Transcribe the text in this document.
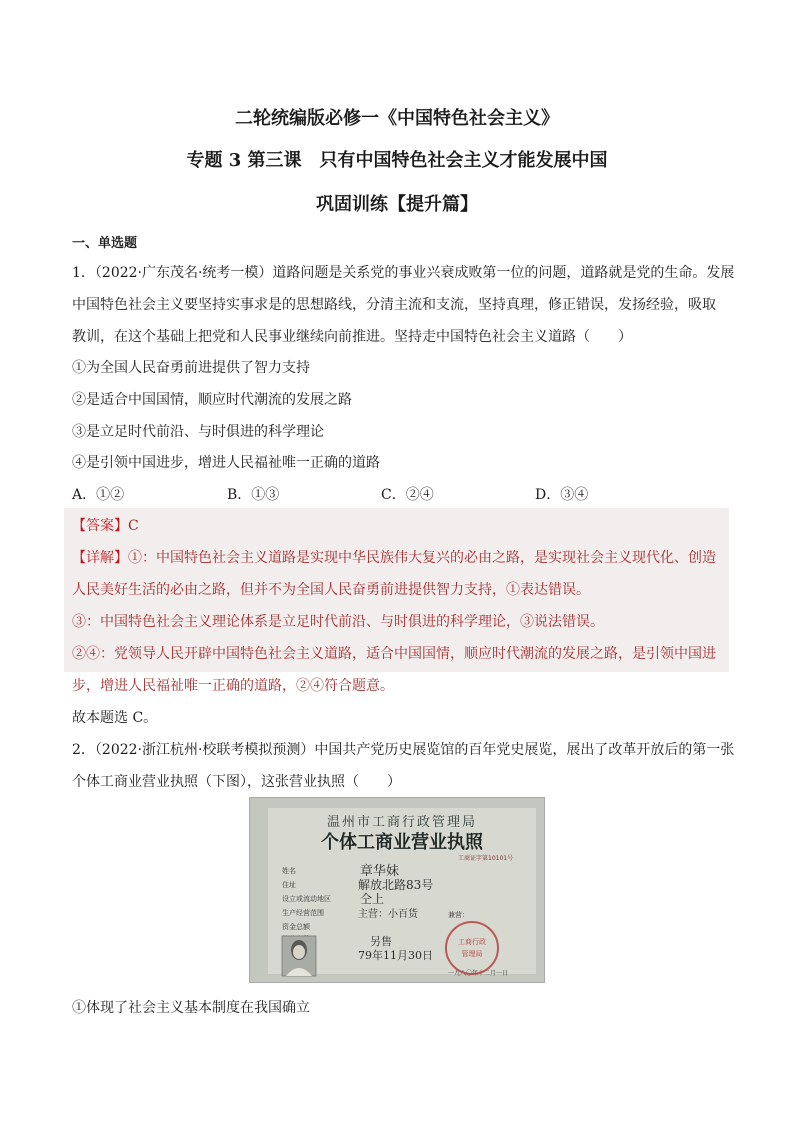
二轮统编版必修一《中国特色社会主义》
专题 3 第三课　只有中国特色社会主义才能发展中国
巩固训练【提升篇】
一、单选题
1．（2022·广东茂名·统考一模）道路问题是关系党的事业兴衰成败第一位的问题，道路就是党的生命。发展
中国特色社会主义要坚持实事求是的思想路线，分清主流和支流，坚持真理，修正错误，发扬经验，吸取
教训，在这个基础上把党和人民事业继续向前推进。坚持走中国特色社会主义道路（　　）
①为全国人民奋勇前进提供了智力支持
②是适合中国国情，顺应时代潮流的发展之路
③是立足时代前沿、与时俱进的科学理论
④是引领中国进步，增进人民福祉唯一正确的道路
A．①②	B．①③	C．②④	D．③④
【答案】C
【详解】①：中国特色社会主义道路是实现中华民族伟大复兴的必由之路，是实现社会主义现代化、创造
人民美好生活的必由之路，但并不为全国人民奋勇前进提供智力支持，①表达错误。
③：中国特色社会主义理论体系是立足时代前沿、与时俱进的科学理论，③说法错误。
②④：党领导人民开辟中国特色社会主义道路，适合中国国情，顺应时代潮流的发展之路，是引领中国进
步，增进人民福祉唯一正确的道路，②④符合题意。
故本题选 C。
2．（2022·浙江杭州·校联考模拟预测）中国共产党历史展览馆的百年党史展览，展出了改革开放后的第一张
个体工商业营业执照（下图），这张营业执照（　　）
温州市工商行政管理局
个体工商业营业执照
工商证字第10101号
姓名	章华妹
住址	解放北路83号
设立或流动地区 仝上
生产经营范围	主营：小百货	兼营：
资金总额
另售
79年11月30日
一九八〇年十二月一日
工商行政
管理局
①体现了社会主义基本制度在我国确立
